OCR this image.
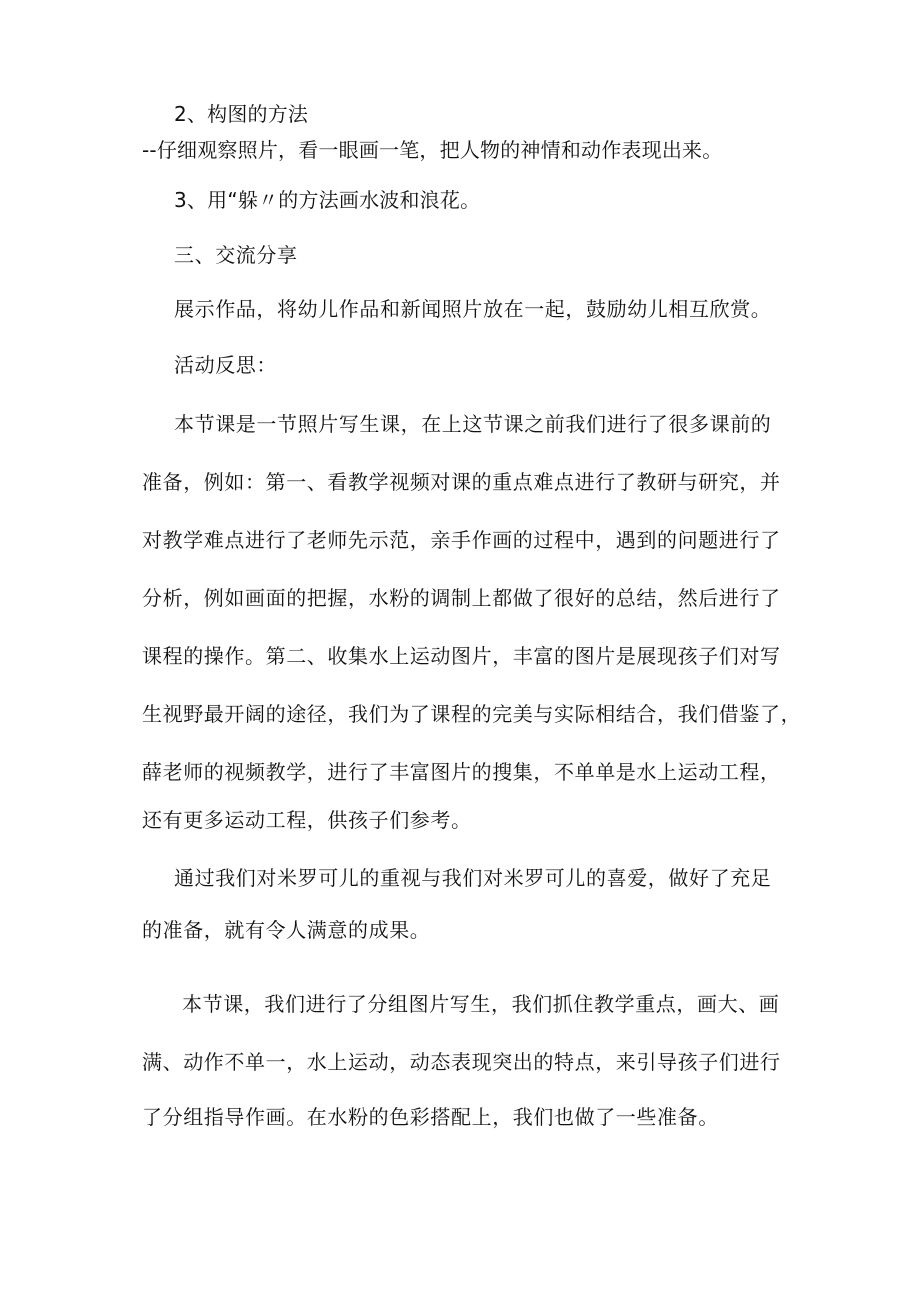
2、构图的方法
--仔细观察照片，看一眼画一笔，把人物的神情和动作表现出来。
3、用“躲〃的方法画水波和浪花。
三、交流分享
展示作品，将幼儿作品和新闻照片放在一起，鼓励幼儿相互欣赏。
活动反思：
本节课是一节照片写生课，在上这节课之前我们进行了很多课前的
准备，例如：第一、看教学视频对课的重点难点进行了教研与研究，并
对教学难点进行了老师先示范，亲手作画的过程中，遇到的问题进行了
分析，例如画面的把握，水粉的调制上都做了很好的总结，然后进行了
课程的操作。第二、收集水上运动图片，丰富的图片是展现孩子们对写
生视野最开阔的途径，我们为了课程的完美与实际相结合，我们借鉴了，
薛老师的视频教学，进行了丰富图片的搜集，不单单是水上运动工程，
还有更多运动工程，供孩子们参考。
通过我们对米罗可儿的重视与我们对米罗可儿的喜爱，做好了充足
的准备，就有令人满意的成果。
本节课，我们进行了分组图片写生，我们抓住教学重点，画大、画
满、动作不单一，水上运动，动态表现突出的特点，来引导孩子们进行
了分组指导作画。在水粉的色彩搭配上，我们也做了一些准备。
